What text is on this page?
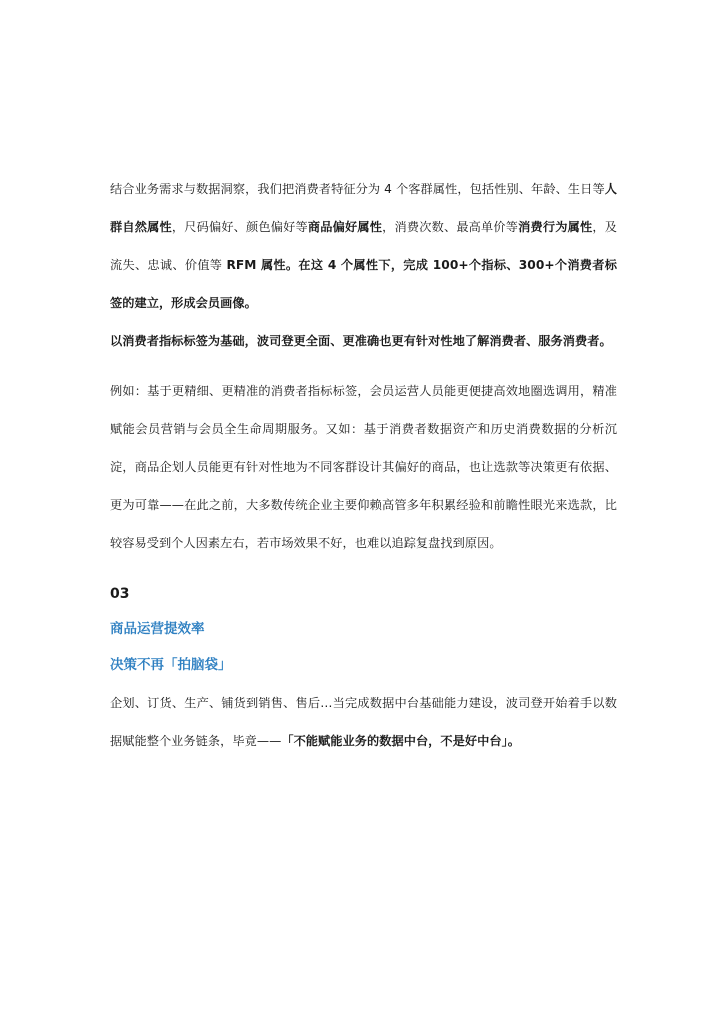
结合业务需求与数据洞察，我们把消费者特征分为 4 个客群属性，包括性别、年龄、生日等人群自然属性，尺码偏好、颜色偏好等商品偏好属性，消费次数、最高单价等消费行为属性，及流失、忠诚、价值等 RFM 属性。在这 4 个属性下，完成 100+个指标、300+个消费者标签的建立，形成会员画像。

以消费者指标标签为基础，波司登更全面、更准确也更有针对性地了解消费者、服务消费者。

例如：基于更精细、更精准的消费者指标标签，会员运营人员能更便捷高效地圈选调用，精准赋能会员营销与会员全生命周期服务。又如：基于消费者数据资产和历史消费数据的分析沉淀，商品企划人员能更有针对性地为不同客群设计其偏好的商品，也让选款等决策更有依据、更为可靠——在此之前，大多数传统企业主要仰赖高管多年积累经验和前瞻性眼光来选款，比较容易受到个人因素左右，若市场效果不好，也难以追踪复盘找到原因。

03
商品运营提效率
决策不再「拍脑袋」

企划、订货、生产、铺货到销售、售后…当完成数据中台基础能力建设，波司登开始着手以数据赋能整个业务链条，毕竟——「不能赋能业务的数据中台，不是好中台」。
